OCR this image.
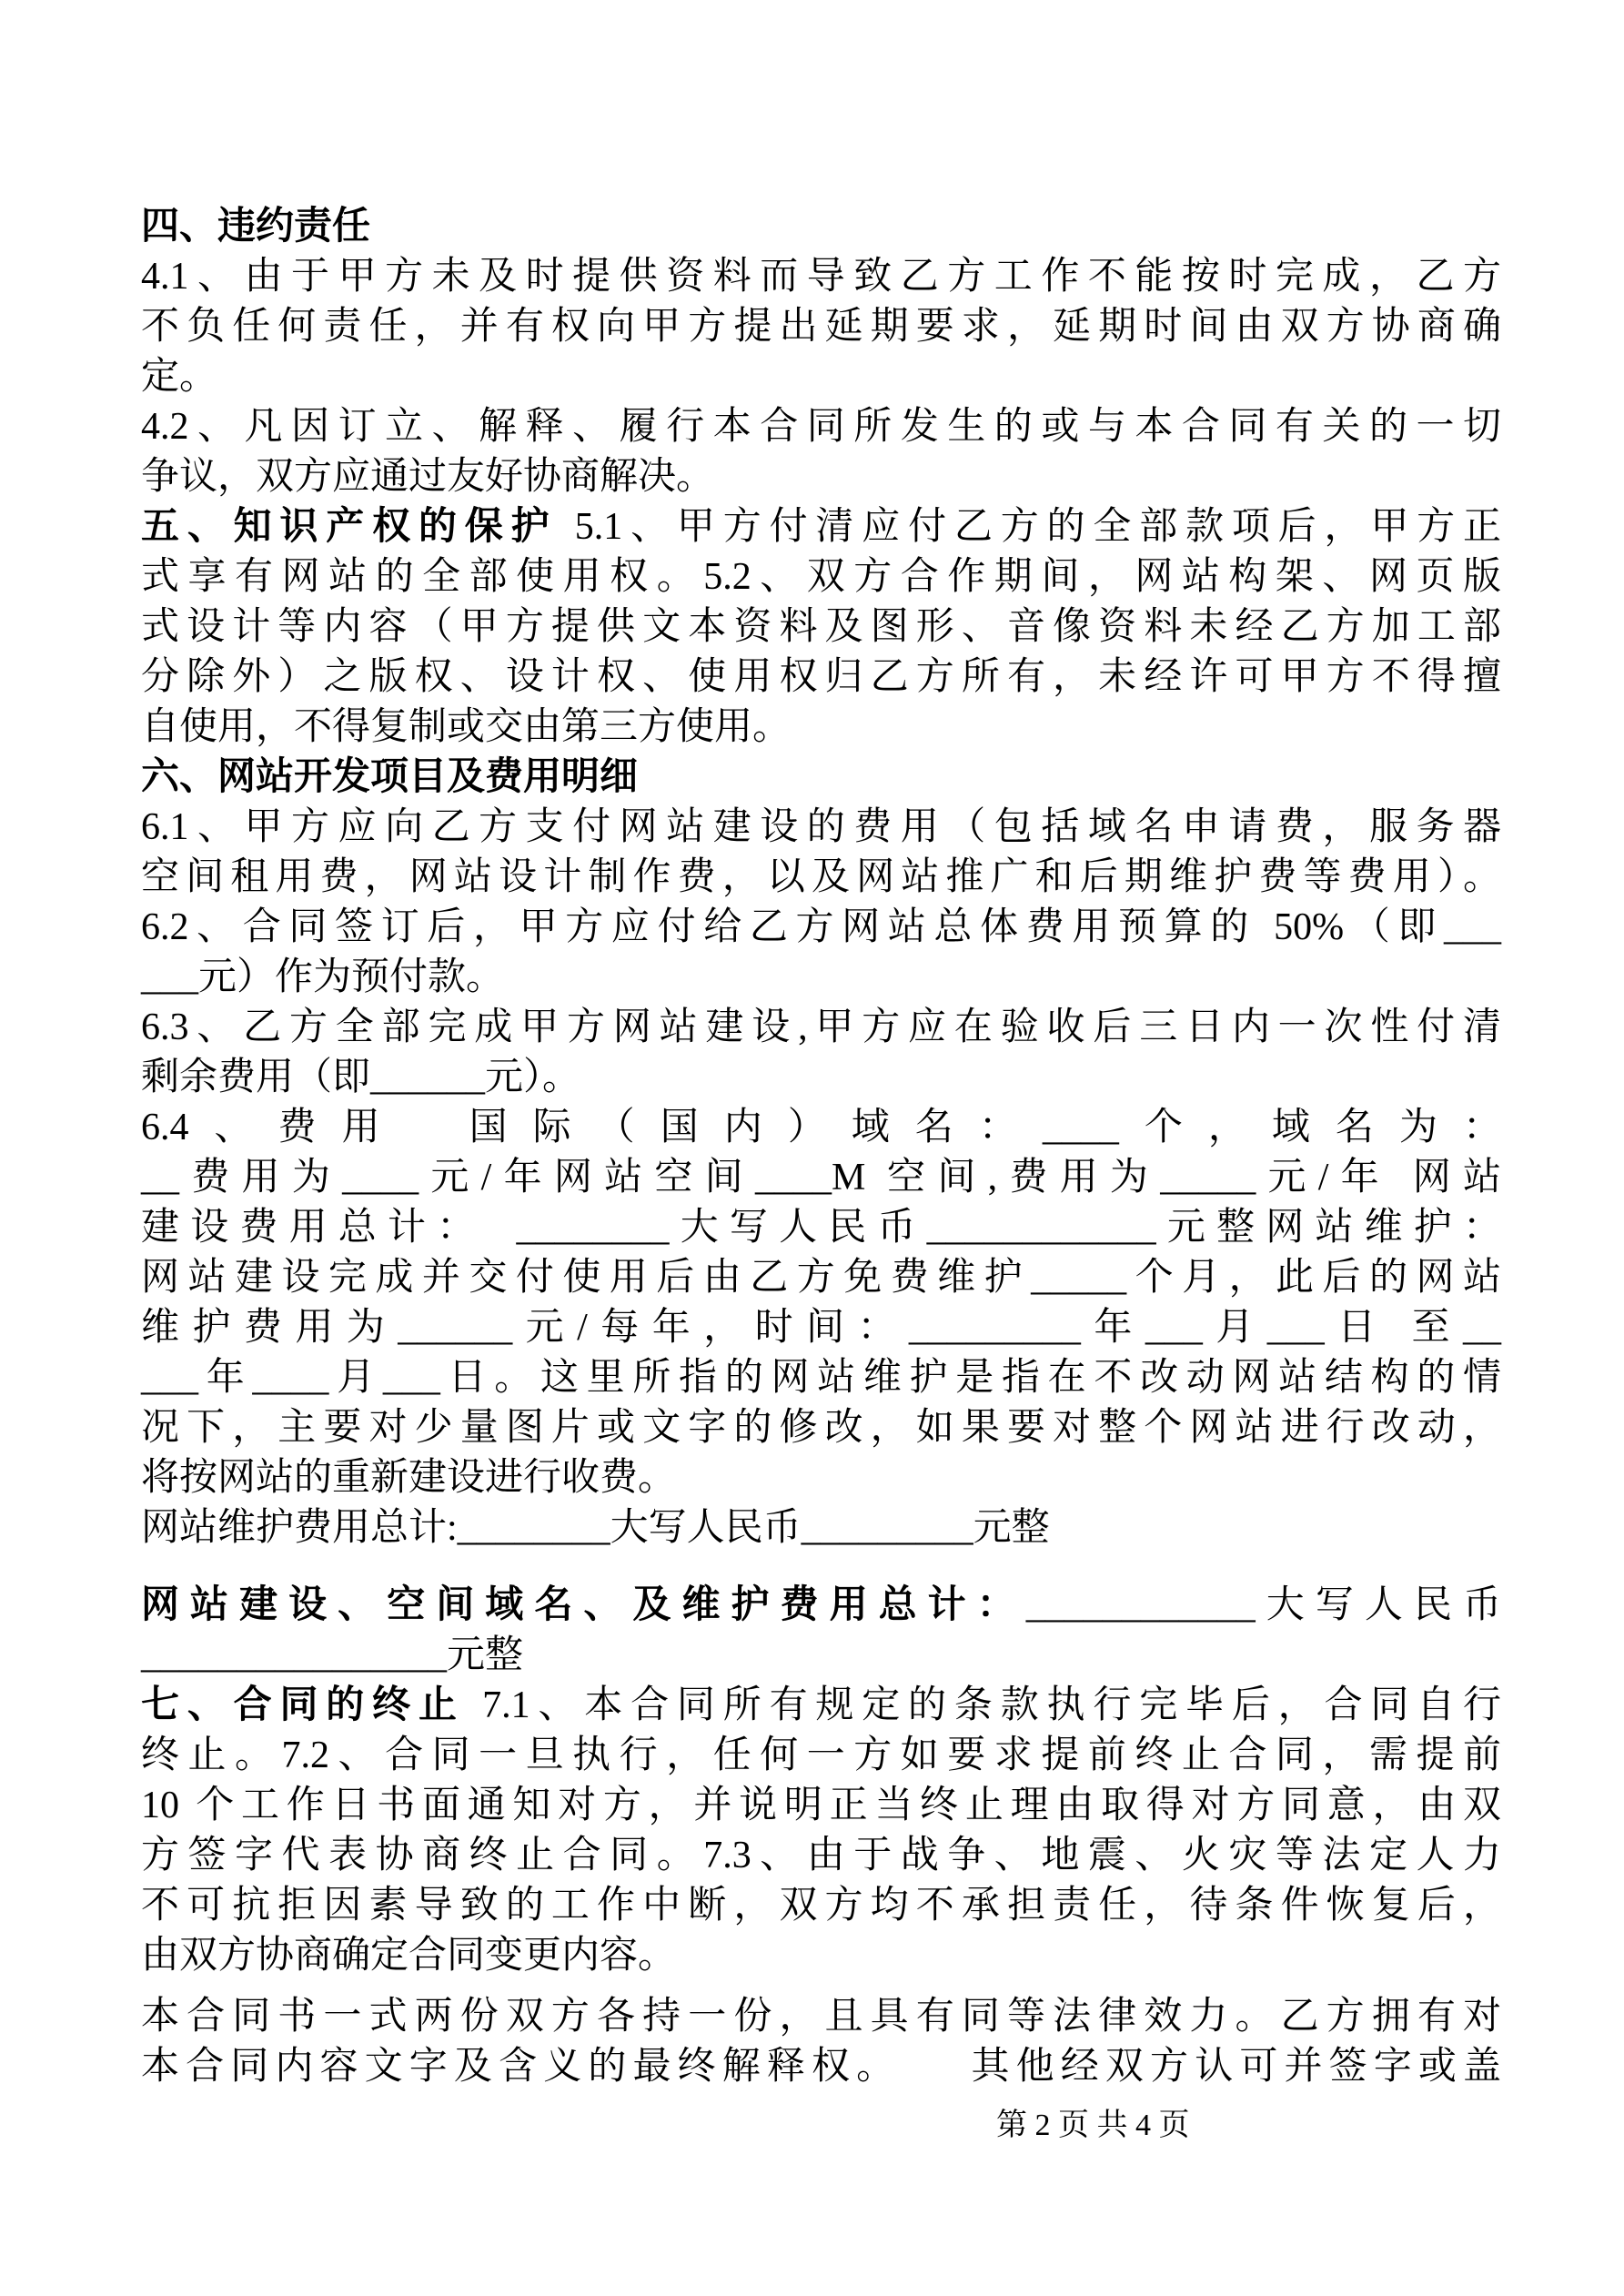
四、违约责任
4.1、由于甲方未及时提供资料而导致乙方工作不能按时完成，乙方
不负任何责任，并有权向甲方提出延期要求，延期时间由双方协商确
定。
4.2、凡因订立、解释、履行本合同所发生的或与本合同有关的一切
争议，双方应通过友好协商解决。
五、知识产权的保护 5.1、甲方付清应付乙方的全部款项后，甲方正
式享有网站的全部使用权。5.2、双方合作期间，网站构架、网页版
式设计等内容（甲方提供文本资料及图形、音像资料未经乙方加工部
分除外）之版权、设计权、使用权归乙方所有，未经许可甲方不得擅
自使用，不得复制或交由第三方使用。
六、网站开发项目及费用明细
6.1、甲方应向乙方支付网站建设的费用（包括域名申请费，服务器
空间租用费，网站设计制作费，以及网站推广和后期维护费等费用）。
6.2、合同签订后，甲方应付给乙方网站总体费用预算的 50%（即___
___元）作为预付款。
6.3、乙方全部完成甲方网站建设,甲方应在验收后三日内一次性付清
剩余费用（即______元）。
6.4、费用　国际（国内）域名：____个，域名为：
__费用为____元/年网站空间____M 空间,费用为_____元/年 网站
建设费用总计：　________大写人民币____________元整网站维护：
网站建设完成并交付使用后由乙方免费维护_____个月，此后的网站
维护费用为______元/每年，时间：_________年___月___日 至__
___年____月___日。这里所指的网站维护是指在不改动网站结构的情
况下，主要对少量图片或文字的修改，如果要对整个网站进行改动，
将按网站的重新建设进行收费。
网站维护费用总计:________大写人民币_________元整
网站建设、空间域名、及维护费用总计：____________大写人民币
________________元整
七、合同的终止 7.1、本合同所有规定的条款执行完毕后，合同自行
终止。7.2、合同一旦执行，任何一方如要求提前终止合同，需提前
10 个工作日书面通知对方，并说明正当终止理由取得对方同意，由双
方签字代表协商终止合同。7.3、由于战争、地震、火灾等法定人力
不可抗拒因素导致的工作中断，双方均不承担责任，待条件恢复后，
由双方协商确定合同变更内容。
本合同书一式两份双方各持一份，且具有同等法律效力。乙方拥有对
本合同内容文字及含义的最终解释权。　　其他经双方认可并签字或盖
第 2 页 共 4 页
